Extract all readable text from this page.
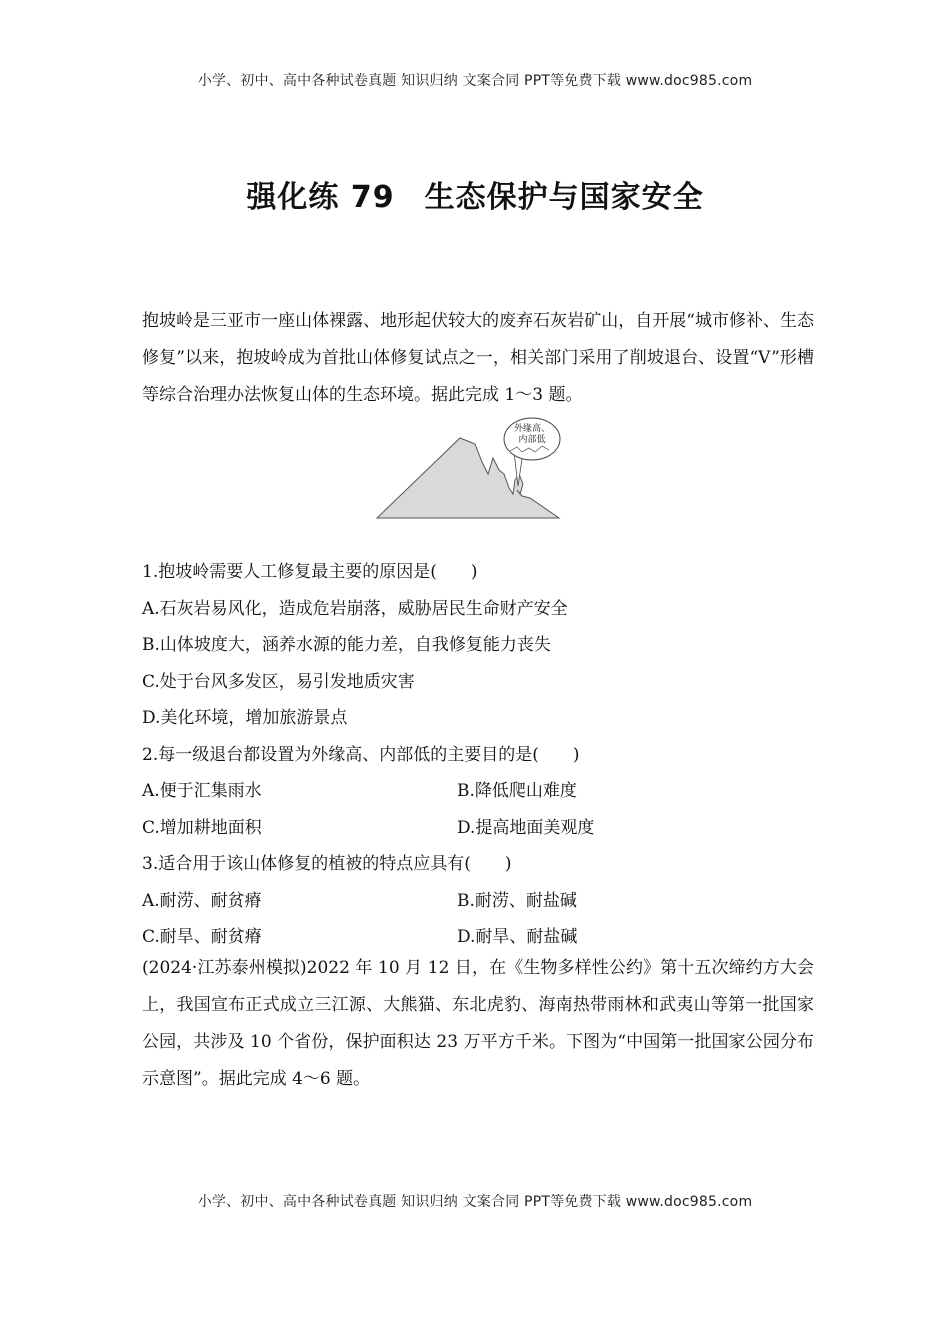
小学、初中、高中各种试卷真题 知识归纳 文案合同 PPT等免费下载 www.doc985.com
强化练 79 生态保护与国家安全
抱坡岭是三亚市一座山体裸露、地形起伏较大的废弃石灰岩矿山，自开展“城市修补、生态修复”以来，抱坡岭成为首批山体修复试点之一，相关部门采用了削坡退台、设置“V”形槽等综合治理办法恢复山体的生态环境。据此完成 1～3 题。
外缘高、
内部低
1.抱坡岭需要人工修复最主要的原因是(　　)
A.石灰岩易风化，造成危岩崩落，威胁居民生命财产安全
B.山体坡度大，涵养水源的能力差，自我修复能力丧失
C.处于台风多发区，易引发地质灾害
D.美化环境，增加旅游景点
2.每一级退台都设置为外缘高、内部低的主要目的是(　　)
A.便于汇集雨水	B.降低爬山难度
C.增加耕地面积	D.提高地面美观度
3.适合用于该山体修复的植被的特点应具有(　　)
A.耐涝、耐贫瘠	B.耐涝、耐盐碱
C.耐旱、耐贫瘠	D.耐旱、耐盐碱
(2024·江苏泰州模拟)2022 年 10 月 12 日，在《生物多样性公约》第十五次缔约方大会上，我国宣布正式成立三江源、大熊猫、东北虎豹、海南热带雨林和武夷山等第一批国家公园，共涉及 10 个省份，保护面积达 23 万平方千米。下图为“中国第一批国家公园分布示意图”。据此完成 4～6 题。
小学、初中、高中各种试卷真题 知识归纳 文案合同 PPT等免费下载 www.doc985.com
